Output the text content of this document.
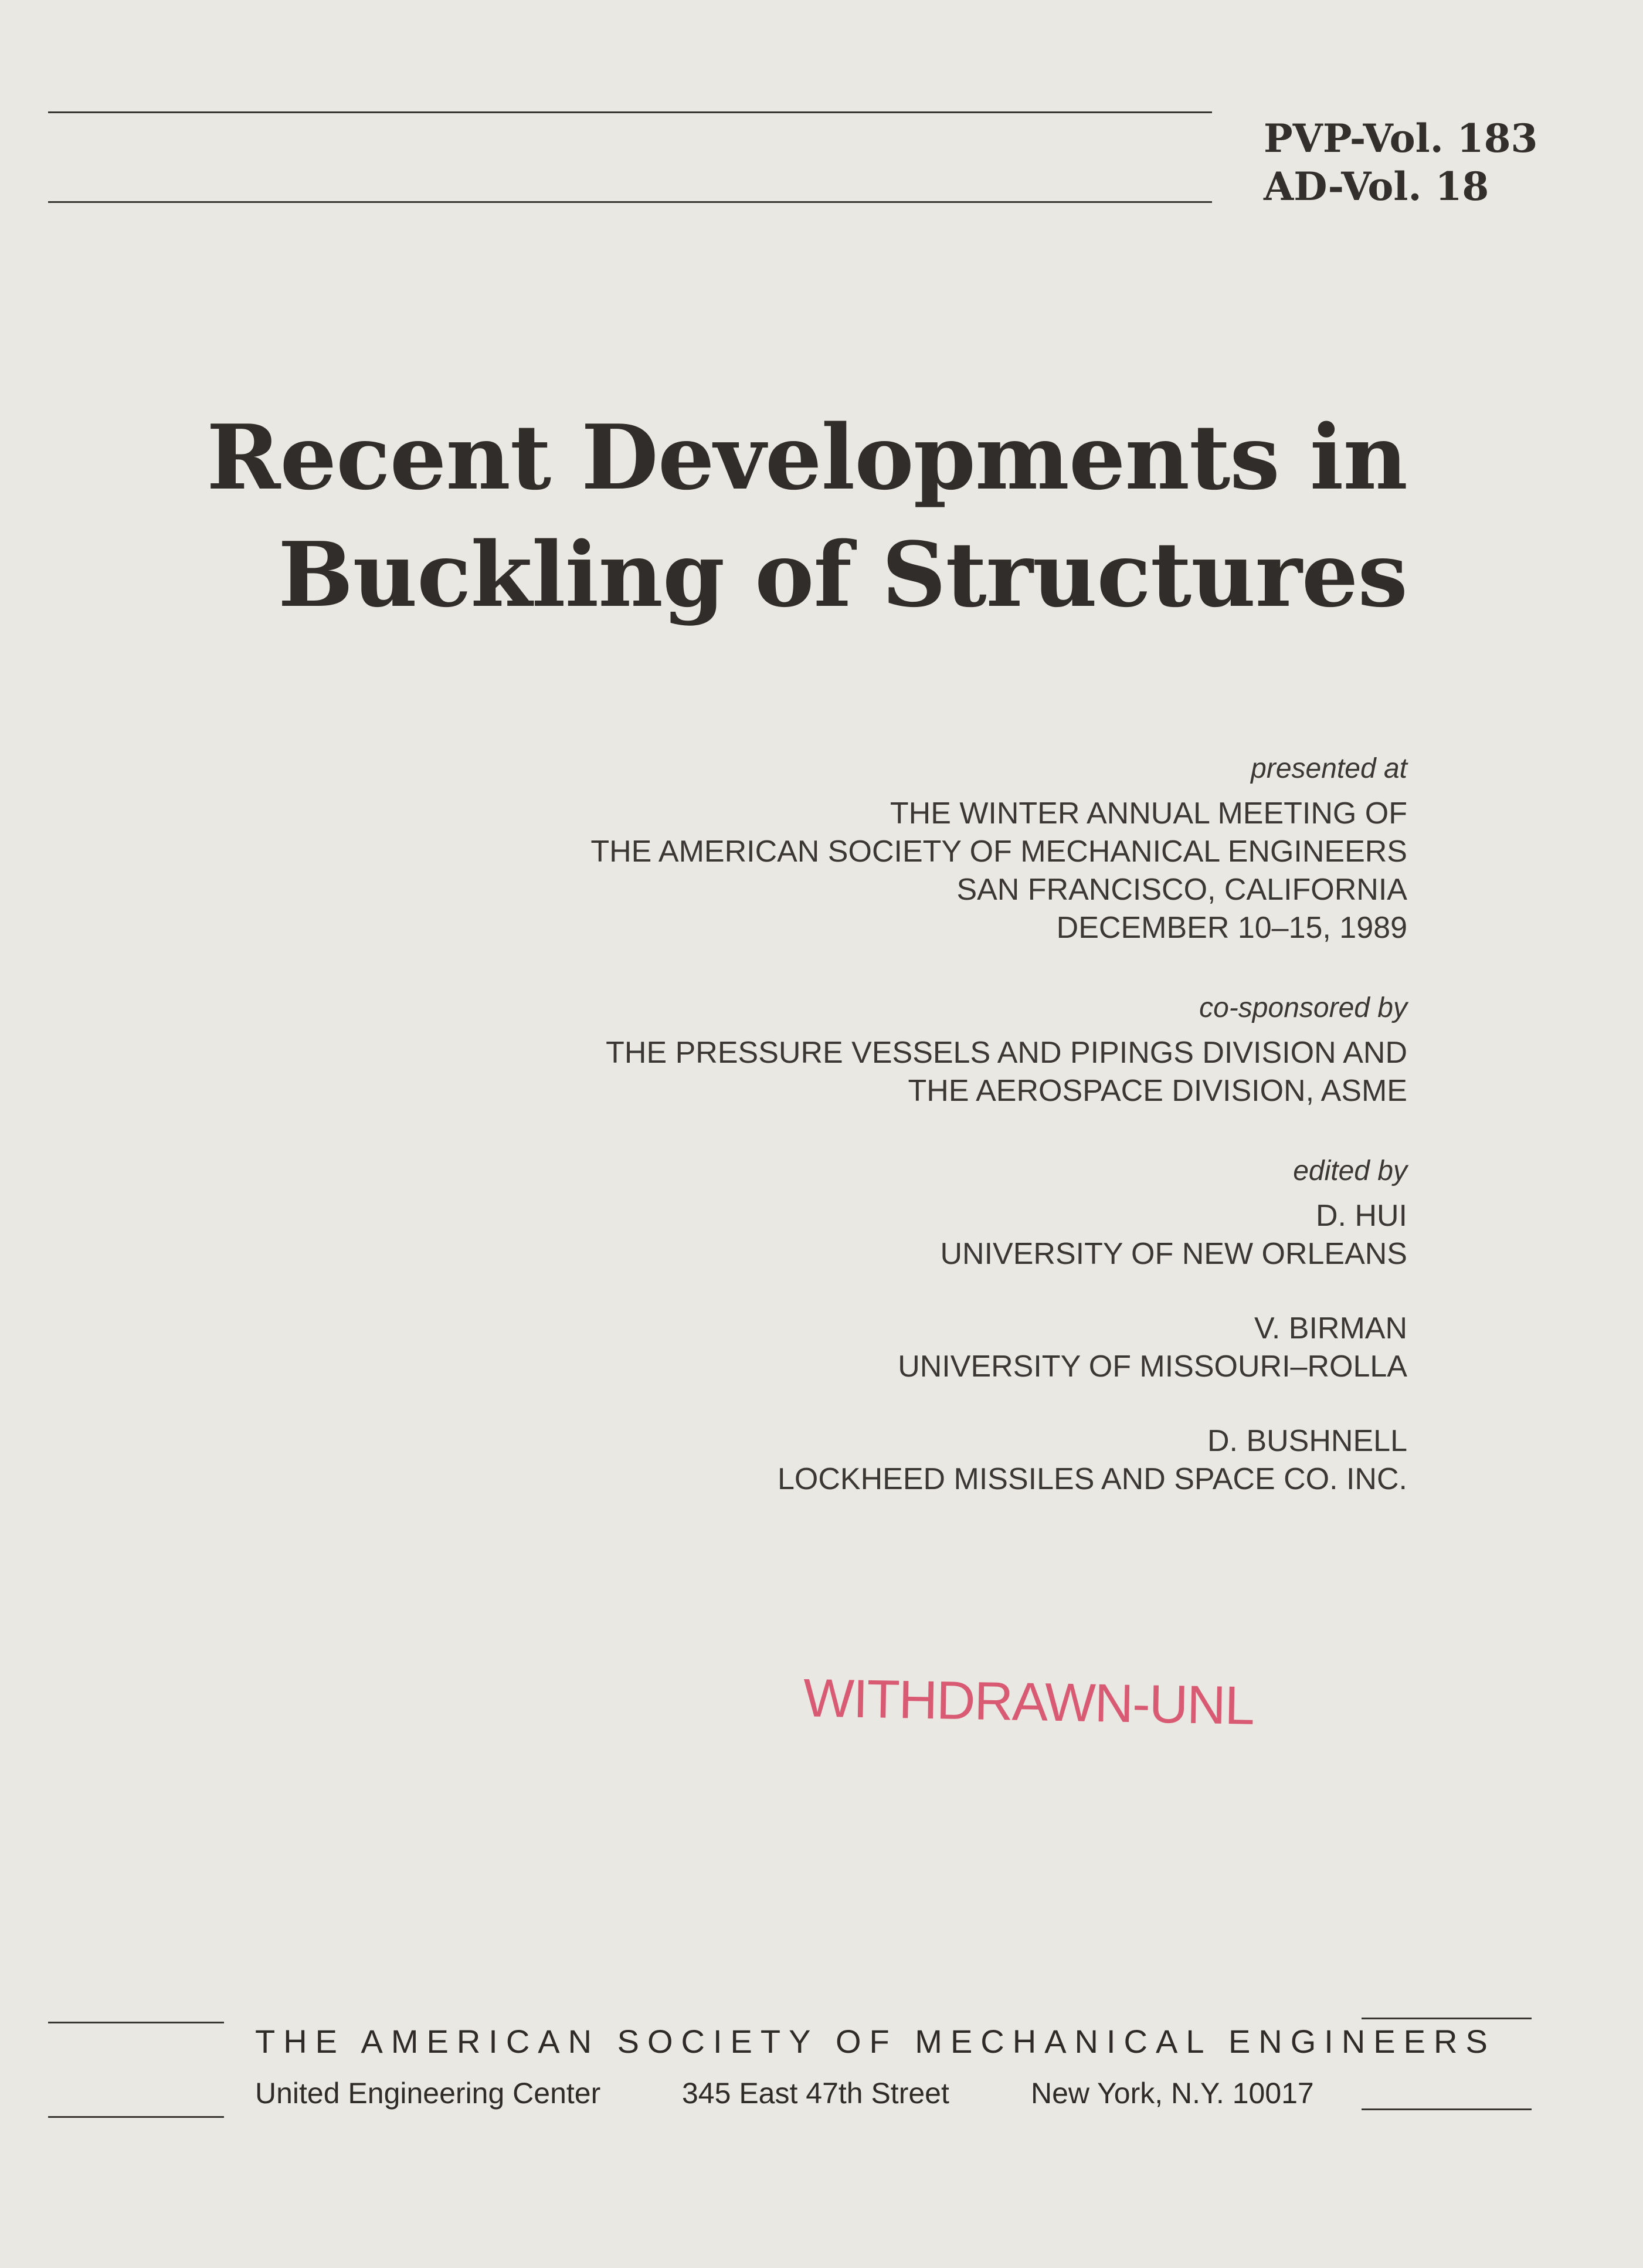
PVP-Vol. 183
AD-Vol. 18
Recent Developments in
Buckling of Structures
presented at
THE WINTER ANNUAL MEETING OF
THE AMERICAN SOCIETY OF MECHANICAL ENGINEERS
SAN FRANCISCO, CALIFORNIA
DECEMBER 10–15, 1989
co-sponsored by
THE PRESSURE VESSELS AND PIPINGS DIVISION AND
THE AEROSPACE DIVISION, ASME
edited by
D. HUI
UNIVERSITY OF NEW ORLEANS
V. BIRMAN
UNIVERSITY OF MISSOURI–ROLLA
D. BUSHNELL
LOCKHEED MISSILES AND SPACE CO. INC.
WITHDRAWN-UNL
THE AMERICAN SOCIETY OF MECHANICAL ENGINEERS
United Engineering Center	345 East 47th Street	New York, N.Y. 10017
